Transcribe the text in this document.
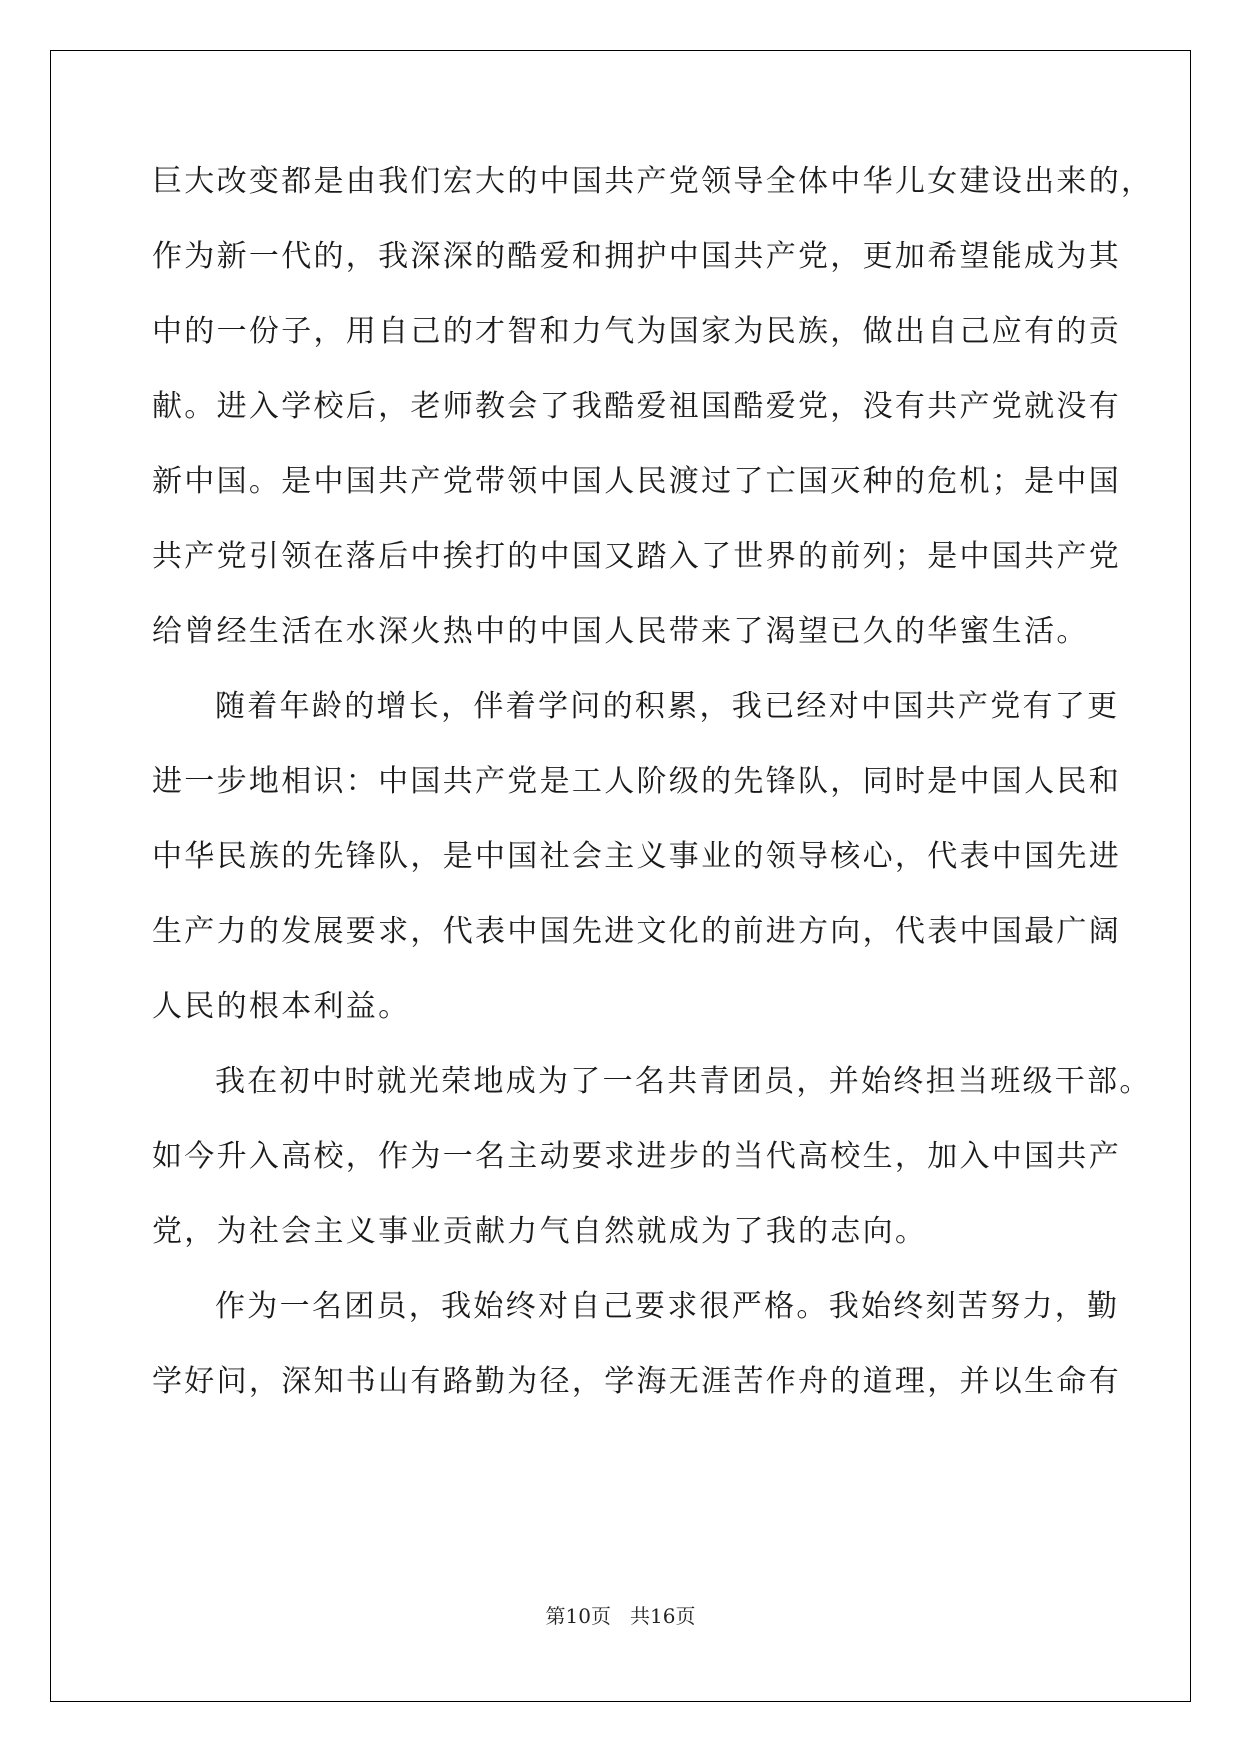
巨大改变都是由我们宏大的中国共产党领导全体中华儿女建设出来的，
作为新一代的，我深深的酷爱和拥护中国共产党，更加希望能成为其
中的一份子，用自己的才智和力气为国家为民族，做出自己应有的贡
献。进入学校后，老师教会了我酷爱祖国酷爱党，没有共产党就没有
新中国。是中国共产党带领中国人民渡过了亡国灭种的危机；是中国
共产党引领在落后中挨打的中国又踏入了世界的前列；是中国共产党
给曾经生活在水深火热中的中国人民带来了渴望已久的华蜜生活。
随着年龄的增长，伴着学问的积累，我已经对中国共产党有了更
进一步地相识：中国共产党是工人阶级的先锋队，同时是中国人民和
中华民族的先锋队，是中国社会主义事业的领导核心，代表中国先进
生产力的发展要求，代表中国先进文化的前进方向，代表中国最广阔
人民的根本利益。
我在初中时就光荣地成为了一名共青团员，并始终担当班级干部。
如今升入高校，作为一名主动要求进步的当代高校生，加入中国共产
党，为社会主义事业贡献力气自然就成为了我的志向。
作为一名团员，我始终对自己要求很严格。我始终刻苦努力，勤
学好问，深知书山有路勤为径，学海无涯苦作舟的道理，并以生命有
第10页 共16页
